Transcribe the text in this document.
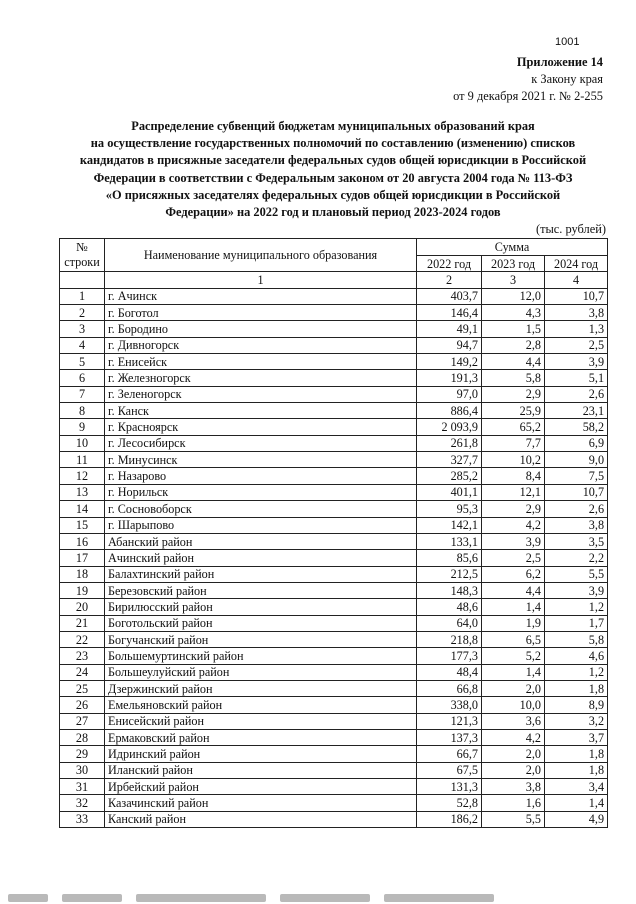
1001
Приложение 14
к Закону края
от 9 декабря 2021 г. № 2-255
Распределение субвенций бюджетам муниципальных образований края
на осуществление государственных полномочий по составлению (изменению) списков
кандидатов в присяжные заседатели федеральных судов общей юрисдикции в Российской
Федерации в соответствии с Федеральным законом от 20 августа 2004 года № 113-ФЗ
«О присяжных заседателях федеральных судов общей юрисдикции в Российской
Федерации» на 2022 год и плановый период 2023-2024 годов
(тыс. рублей)
№ строки	Наименование муниципального образования	Сумма		
		2022 год	2023 год	2024 год
	1	2	3	4
1	г. Ачинск	403,7	12,0	10,7
2	г. Боготол	146,4	4,3	3,8
3	г. Бородино	49,1	1,5	1,3
4	г. Дивногорск	94,7	2,8	2,5
5	г. Енисейск	149,2	4,4	3,9
6	г. Железногорск	191,3	5,8	5,1
7	г. Зеленогорск	97,0	2,9	2,6
8	г. Канск	886,4	25,9	23,1
9	г. Красноярск	2 093,9	65,2	58,2
10	г. Лесосибирск	261,8	7,7	6,9
11	г. Минусинск	327,7	10,2	9,0
12	г. Назарово	285,2	8,4	7,5
13	г. Норильск	401,1	12,1	10,7
14	г. Сосновоборск	95,3	2,9	2,6
15	г. Шарыпово	142,1	4,2	3,8
16	Абанский район	133,1	3,9	3,5
17	Ачинский район	85,6	2,5	2,2
18	Балахтинский район	212,5	6,2	5,5
19	Березовский район	148,3	4,4	3,9
20	Бирилюсский район	48,6	1,4	1,2
21	Боготольский район	64,0	1,9	1,7
22	Богучанский район	218,8	6,5	5,8
23	Большемуртинский район	177,3	5,2	4,6
24	Большеулуйский район	48,4	1,4	1,2
25	Дзержинский район	66,8	2,0	1,8
26	Емельяновский район	338,0	10,0	8,9
27	Енисейский район	121,3	3,6	3,2
28	Ермаковский район	137,3	4,2	3,7
29	Идринский район	66,7	2,0	1,8
30	Иланский район	67,5	2,0	1,8
31	Ирбейский район	131,3	3,8	3,4
32	Казачинский район	52,8	1,6	1,4
33	Канский район	186,2	5,5	4,9
